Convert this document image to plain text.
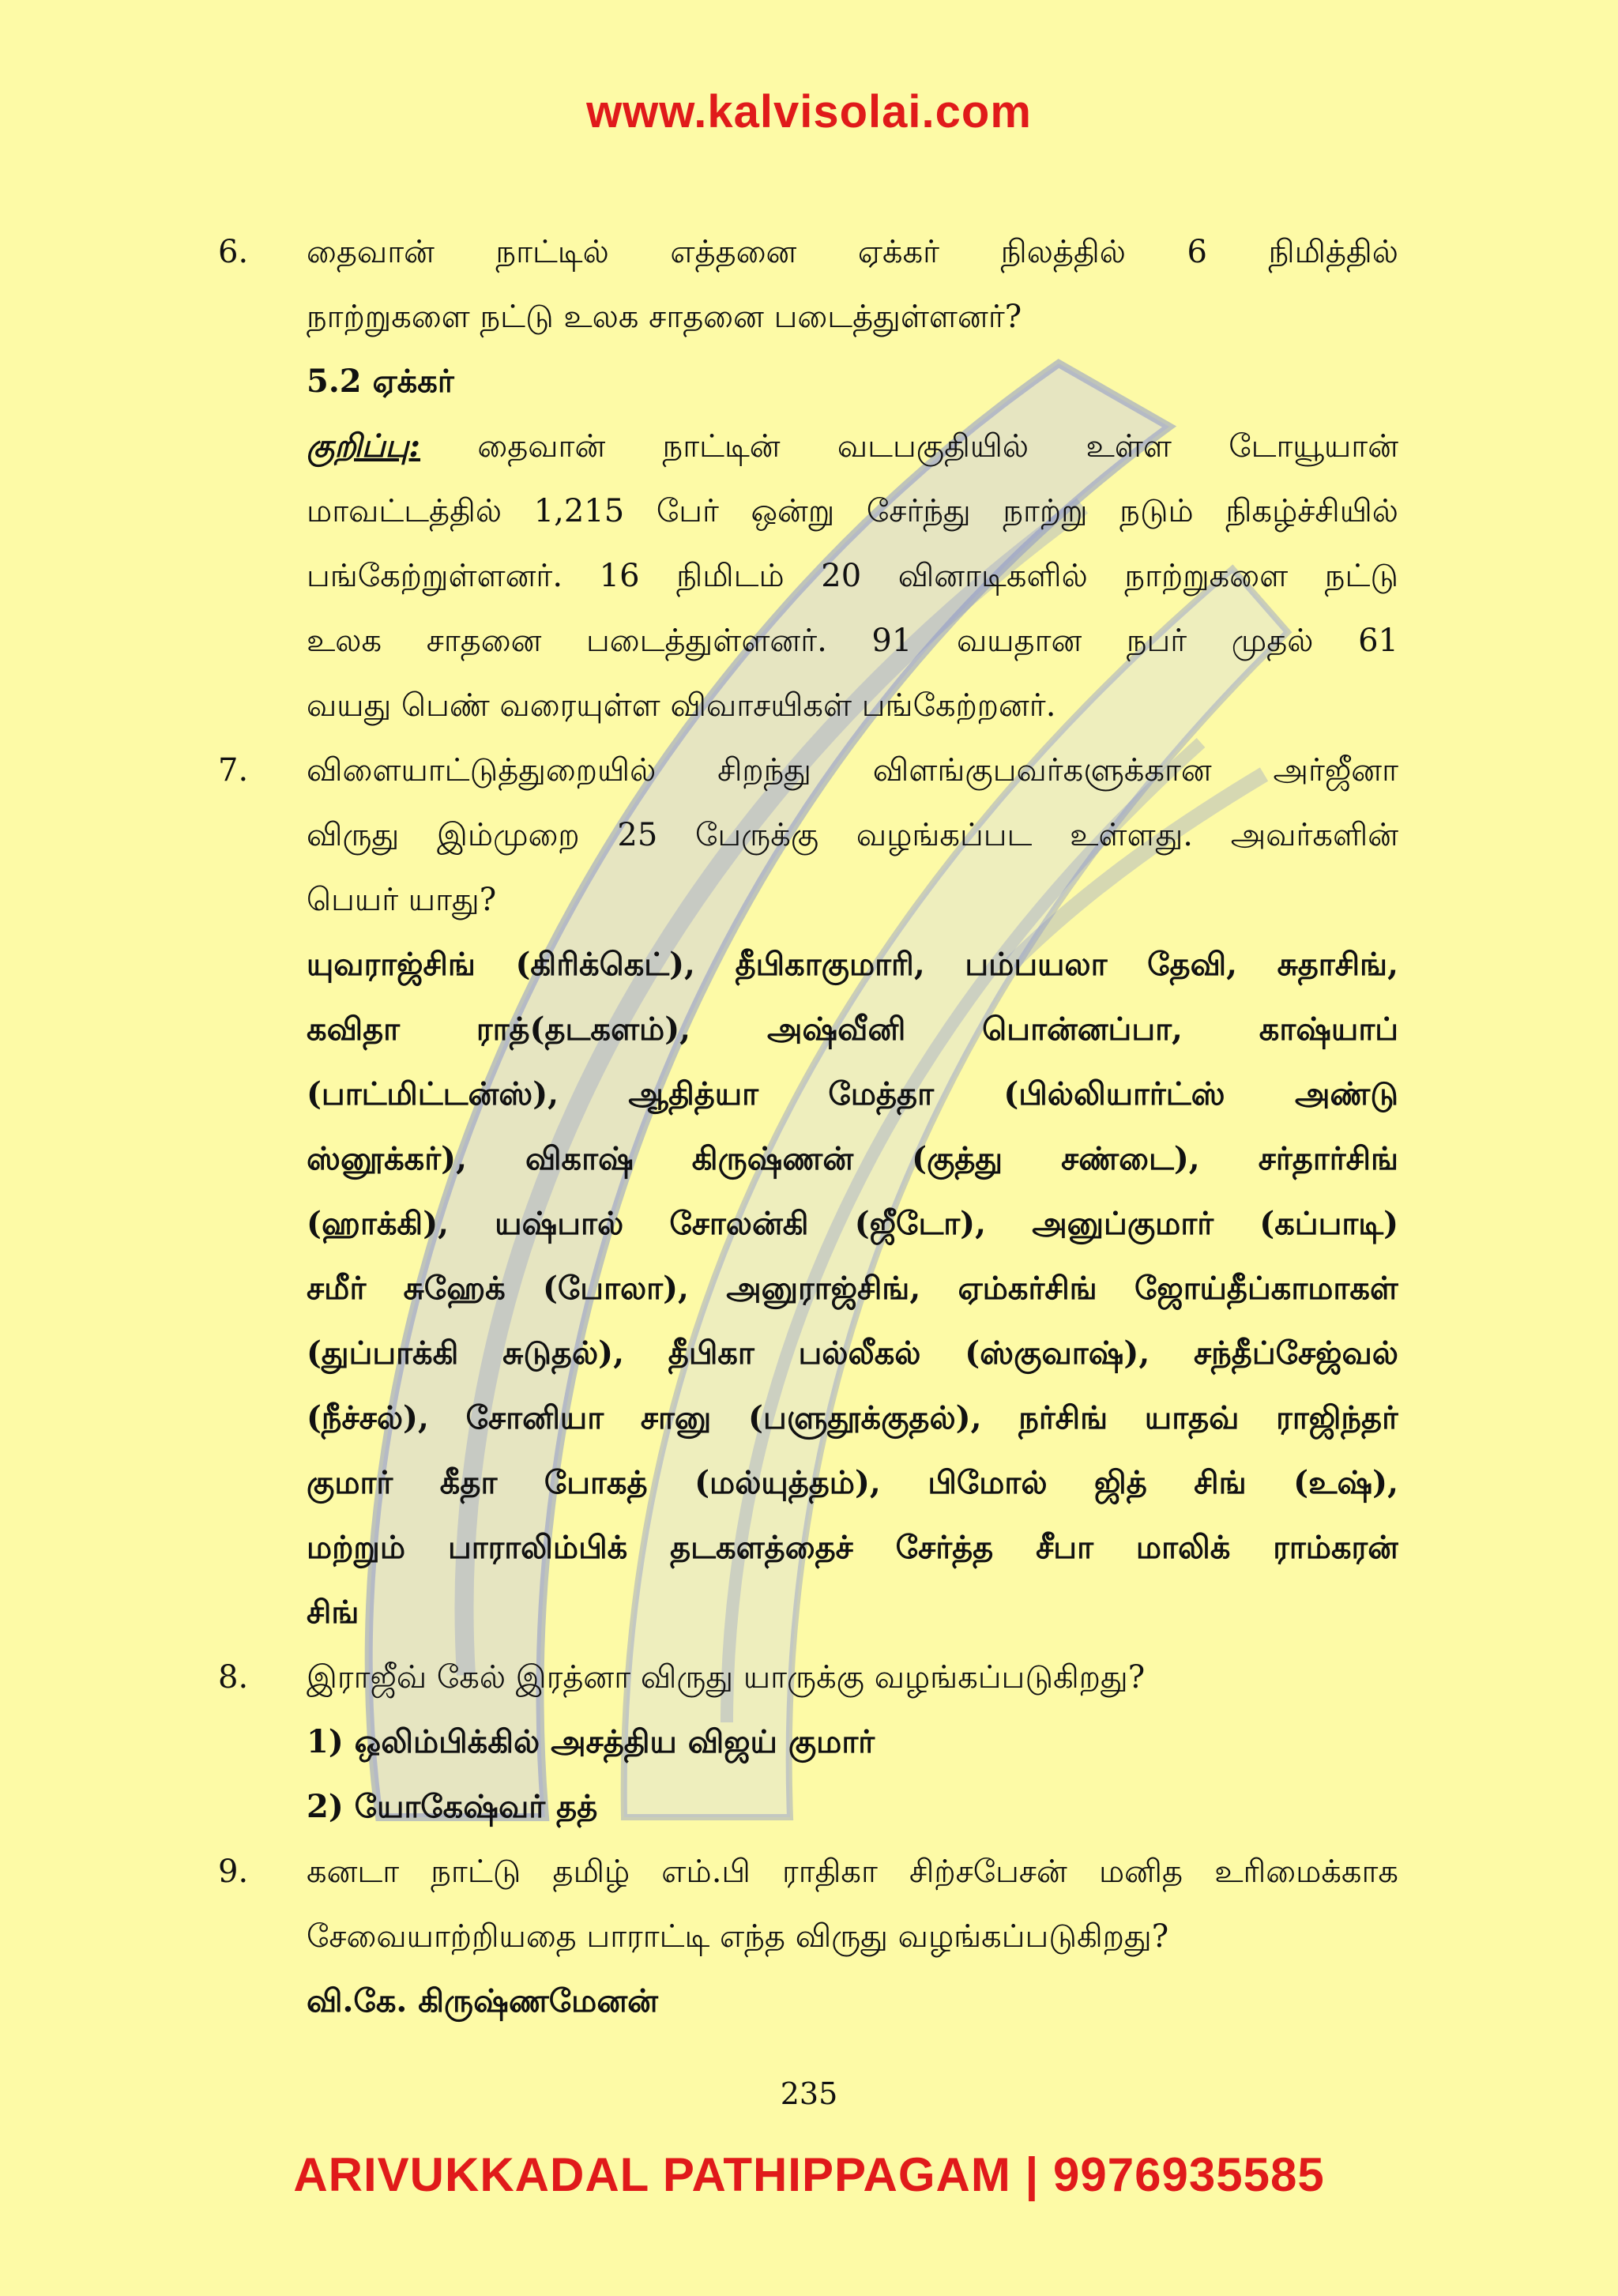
www.kalvisolai.com
6.	தைவான் நாட்டில் எத்தனை ஏக்கர் நிலத்தில் 6 நிமித்தில்
நாற்றுகளை நட்டு உலக சாதனை படைத்துள்ளனர்?
5.2 ஏக்கர்
குறிப்பு: தைவான் நாட்டின் வடபகுதியில் உள்ள டோயூயான்
மாவட்டத்தில் 1,215 பேர் ஒன்று சேர்ந்து நாற்று நடும் நிகழ்ச்சியில்
பங்கேற்றுள்ளனர். 16 நிமிடம் 20 வினாடிகளில் நாற்றுகளை நட்டு
உலக சாதனை படைத்துள்ளனர். 91 வயதான நபர் முதல் 61
வயது பெண் வரையுள்ள விவாசயிகள் பங்கேற்றனர்.
7.	விளையாட்டுத்துறையில் சிறந்து விளங்குபவர்களுக்கான அர்ஜீனா
விருது இம்முறை 25 பேருக்கு வழங்கப்பட உள்ளது. அவர்களின்
பெயர் யாது?
யுவராஜ்சிங் (கிரிக்கெட்), தீபிகாகுமாரி, பம்பயலா தேவி, சுதாசிங்,
கவிதா ராத்(தடகளம்), அஷ்வீனி பொன்னப்பா, காஷ்யாப்
(பாட்மிட்டன்ஸ்), ஆதித்யா மேத்தா (பில்லியார்ட்ஸ் அண்டு
ஸ்னூக்கர்), விகாஷ் கிருஷ்ணன் (குத்து சண்டை), சர்தார்சிங்
(ஹாக்கி), யஷ்பால் சோலன்கி (ஜீடோ), அனுப்குமார் (கப்பாடி)
சமீர் சுஹேக் (போலா), அனுராஜ்சிங், ஏம்கர்சிங் ஜோய்தீப்காமாகள்
(துப்பாக்கி சுடுதல்), தீபிகா பல்லீகல் (ஸ்குவாஷ்), சந்தீப்சேஜ்வல்
(நீச்சல்), சோனியா சானு (பளுதூக்குதல்), நர்சிங் யாதவ் ராஜிந்தர்
குமார் கீதா போகத் (மல்யுத்தம்), பிமோல் ஜித் சிங் (உஷ்),
மற்றும் பாராலிம்பிக் தடகளத்தைச் சேர்த்த சீபா மாலிக் ராம்கரன்
சிங்
8.	இராஜீவ் கேல் இரத்னா விருது யாருக்கு வழங்கப்படுகிறது?
1) ஒலிம்பிக்கில் அசத்திய விஜய் குமார்
2) யோகேஷ்வர் தத்
9.	கனடா நாட்டு தமிழ் எம்.பி ராதிகா சிற்சபேசன் மனித உரிமைக்காக
சேவையாற்றியதை பாராட்டி எந்த விருது வழங்கப்படுகிறது?
வி.கே. கிருஷ்ணமேனன்
235
ARIVUKKADAL PATHIPPAGAM | 9976935585
